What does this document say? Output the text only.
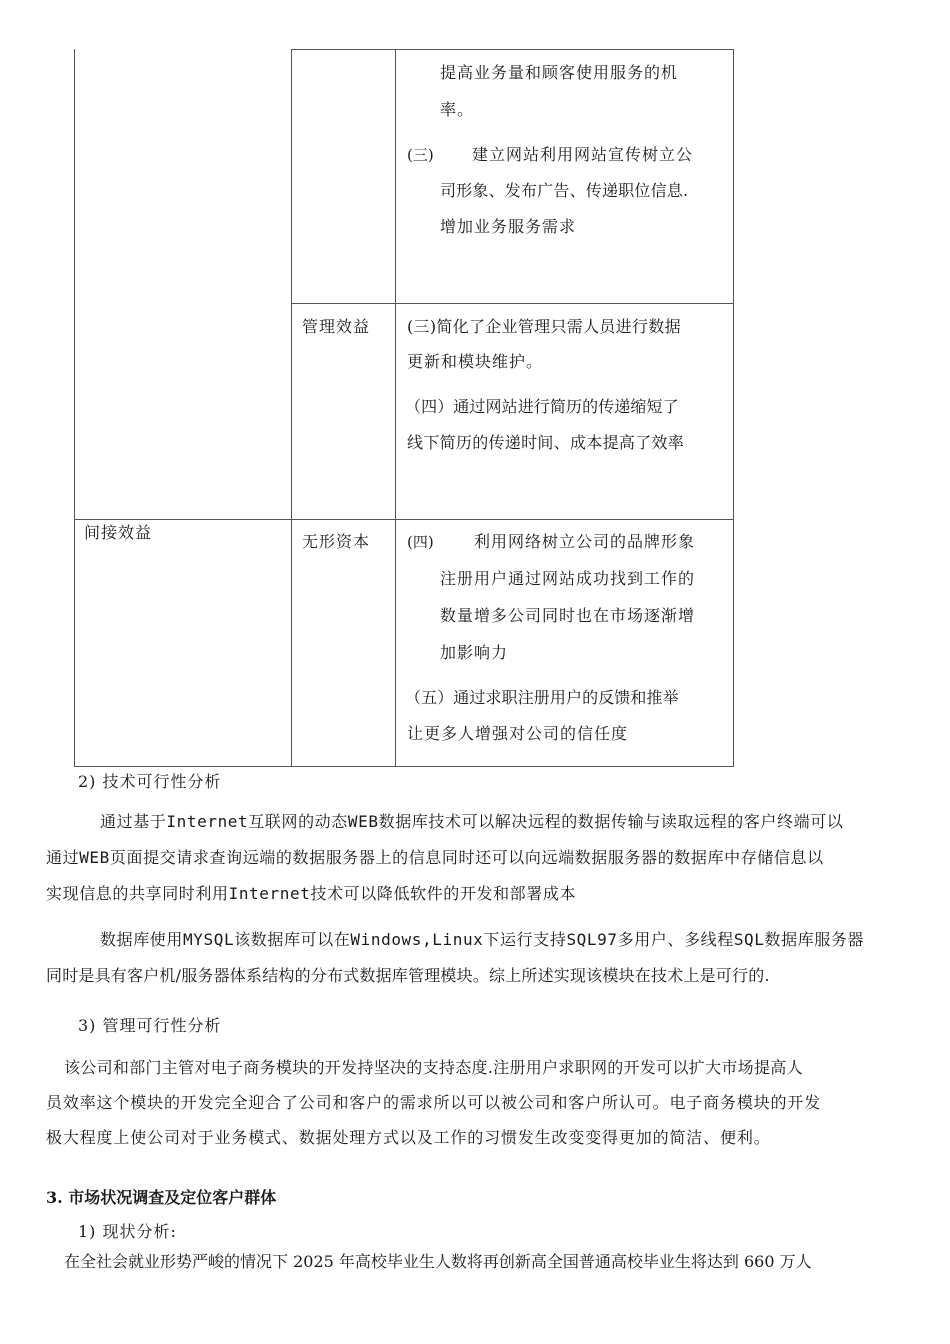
提高业务量和顾客使用服务的机
率。
(三) 建立网站利用网站宣传树立公
司形象、发布广告、传递职位信息.
增加业务服务需求
管理效益 (三)简化了企业管理只需人员进行数据
更新和模块维护。
（四）通过网站进行简历的传递缩短了
线下简历的传递时间、成本提高了效率
间接效益	无形资本 (四)	利用网络树立公司的品牌形象
注册用户通过网站成功找到工作的
数量增多公司同时也在市场逐渐增
加影响力
（五）通过求职注册用户的反馈和推举
让更多人增强对公司的信任度
2) 技术可行性分析
通过基于Internet互联网的动态WEB数据库技术可以解决远程的数据传输与读取远程的客户终端可以
通过WEB页面提交请求查询远端的数据服务器上的信息同时还可以向远端数据服务器的数据库中存储信息以
实现信息的共享同时利用Internet技术可以降低软件的开发和部署成本
数据库使用MYSQL该数据库可以在Windows,Linux下运行支持SQL97多用户、多线程SQL数据库服务器
同时是具有客户机/服务器体系结构的分布式数据库管理模块。综上所述实现该模块在技术上是可行的.
3) 管理可行性分析
该公司和部门主管对电子商务模块的开发持坚决的支持态度.注册用户求职网的开发可以扩大市场提高人
员效率这个模块的开发完全迎合了公司和客户的需求所以可以被公司和客户所认可。电子商务模块的开发
极大程度上使公司对于业务模式、数据处理方式以及工作的习惯发生改变变得更加的简洁、便利。
3. 市场状况调查及定位客户群体
1) 现状分析:
在全社会就业形势严峻的情况下 2025 年高校毕业生人数将再创新高全国普通高校毕业生将达到 660 万人
